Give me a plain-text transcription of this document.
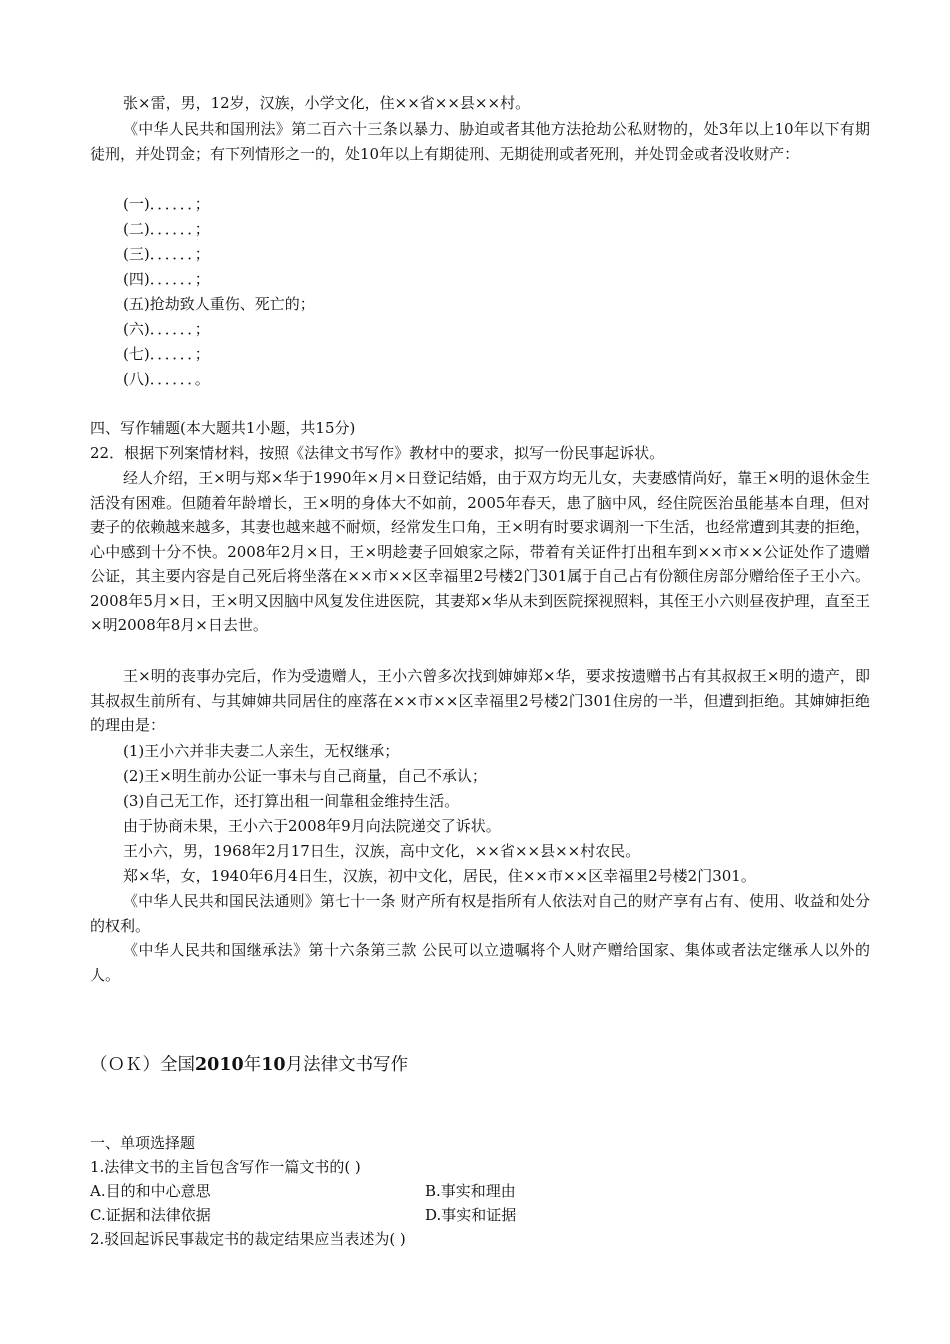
张×雷，男，12岁，汉族，小学文化，住××省××县××村。

《中华人民共和国刑法》第二百六十三条以暴力、胁迫或者其他方法抢劫公私财物的，处3年以上10年以下有期徒刑，并处罚金；有下列情形之一的，处10年以上有期徒刑、无期徒刑或者死刑，并处罚金或者没收财产：

(一)．．．．．．；

(二)．．．．．．；

(三)．．．．．．；

(四)．．．．．．；

(五)抢劫致人重伤、死亡的；

(六)．．．．．．；

(七)．．．．．．；

(八)．．．．．．。

四、写作辅题(本大题共1小题，共15分)

22．根据下列案情材料，按照《法律文书写作》教材中的要求，拟写一份民事起诉状。

经人介绍，王×明与郑×华于1990年×月×日登记结婚，由于双方均无儿女，夫妻感情尚好，靠王×明的退休金生活没有困难。但随着年龄增长，王×明的身体大不如前，2005年春天，患了脑中风，经住院医治虽能基本自理，但对妻子的依赖越来越多，其妻也越来越不耐烦，经常发生口角，王×明有时要求调剂一下生活，也经常遭到其妻的拒绝，心中感到十分不快。2008年2月×日，王×明趁妻子回娘家之际，带着有关证件打出租车到××市××公证处作了遗赠公证，其主要内容是自己死后将坐落在××市××区幸福里2号楼2门301属于自己占有份额住房部分赠给侄子王小六。2008年5月×日，王×明又因脑中风复发住进医院，其妻郑×华从未到医院探视照料，其侄王小六则昼夜护理，直至王×明2008年8月×日去世。

王×明的丧事办完后，作为受遗赠人，王小六曾多次找到婶婶郑×华，要求按遗赠书占有其叔叔王×明的遗产，即其叔叔生前所有、与其婶婶共同居住的座落在××市××区幸福里2号楼2门301住房的一半，但遭到拒绝。其婶婶拒绝的理由是：

(1)王小六并非夫妻二人亲生，无权继承；

(2)王×明生前办公证一事未与自己商量，自己不承认；

(3)自己无工作，还打算出租一间靠租金维持生活。

由于协商未果，王小六于2008年9月向法院递交了诉状。

王小六，男，1968年2月17日生，汉族，高中文化，××省××县××村农民。

郑×华，女，1940年6月4日生，汉族，初中文化，居民，住××市××区幸福里2号楼2门301。

《中华人民共和国民法通则》第七十一条 财产所有权是指所有人依法对自己的财产享有占有、使用、收益和处分的权利。

《中华人民共和国继承法》第十六条第三款 公民可以立遗嘱将个人财产赠给国家、集体或者法定继承人以外的人。

（ＯＫ）全国2010年10月法律文书写作

一、单项选择题

1.法律文书的主旨包含写作一篇文书的( )

A.目的和中心意思	B.事实和理由

C.证据和法律依据	D.事实和证据

2.驳回起诉民事裁定书的裁定结果应当表述为( )
